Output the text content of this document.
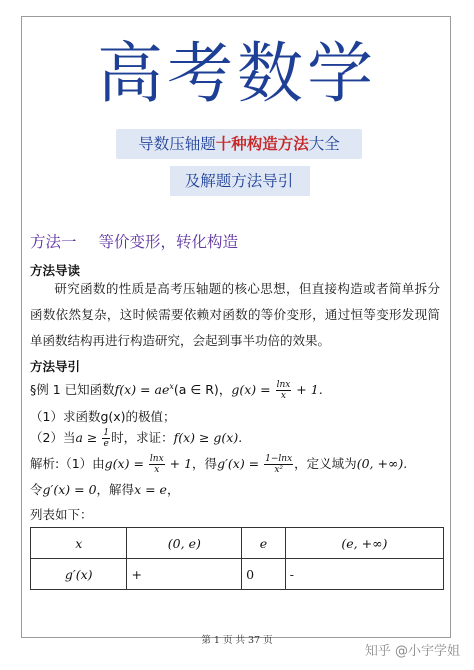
高考数学
导数压轴题十种构造方法大全
及解题方法导引
方法一 等价变形，转化构造
方法导读
研究函数的性质是高考压轴题的核心思想，但直接构造或者简单拆分函数依然复杂，这时候需要依赖对函数的等价变形，通过恒等变形发现简单函数结构再进行构造研究，会起到事半功倍的效果。
方法导引
§例 1 已知函数$f(x) = ae^x(a$ ∈ R)，$g(x) = \frac{\ln x}{x} + 1$.
（1）求函数g(x)的极值；
（2）当$a \ge \frac{1}{e}$ 时，求证：f(x) ≥ g(x).
解析:（1）由$g(x) = \frac{\ln x}{x} + 1$，得$g'(x) = \frac{1-\ln x}{\text{x²}}$ ，定义域为(0, +∞).
令g′(x) = 0，解得x = e，
列表如下：
x	(0, e)	e	(e, +∞)
g′(x)	+	0	-
第 1 页 共 37 页
知乎 @小宇学姐
